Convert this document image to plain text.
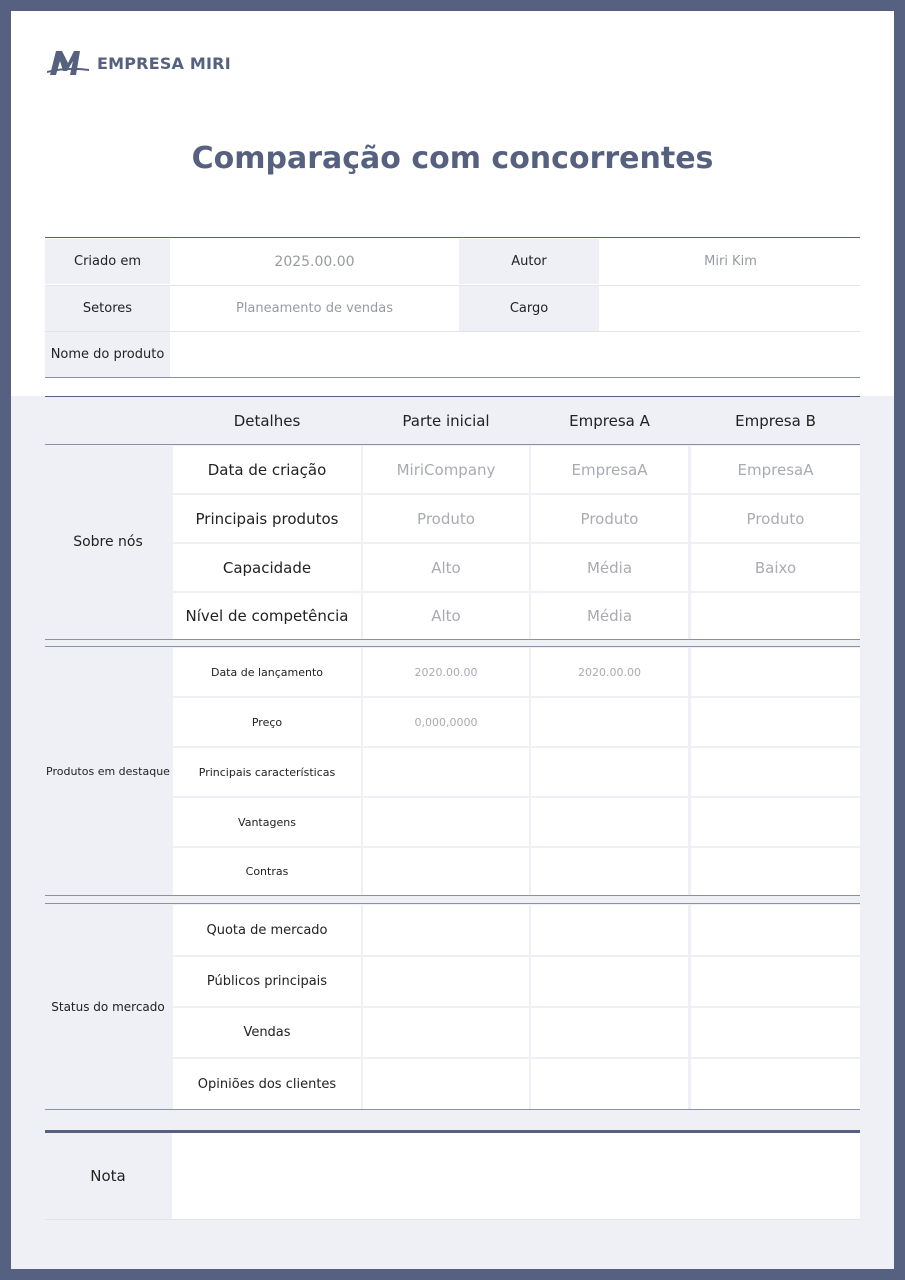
EMPRESA MIRI
Comparação com concorrentes
Criado em	2025.00.00	Autor	Miri Kim
Setores	Planeamento de vendas	Cargo
Nome do produto
Detalhes	Parte inicial	Empresa A	Empresa B
Sobre nós
Data de criação	MiriCompany	EmpresaA	EmpresaA
Principais produtos	Produto	Produto	Produto
Capacidade	Alto	Média	Baixo
Nível de competência	Alto	Média
Produtos em destaque
Data de lançamento	2020.00.00	2020.00.00
Preço	0,000,0000
Principais características
Vantagens
Contras
Status do mercado
Quota de mercado
Públicos principais
Vendas
Opiniões dos clientes
Nota
